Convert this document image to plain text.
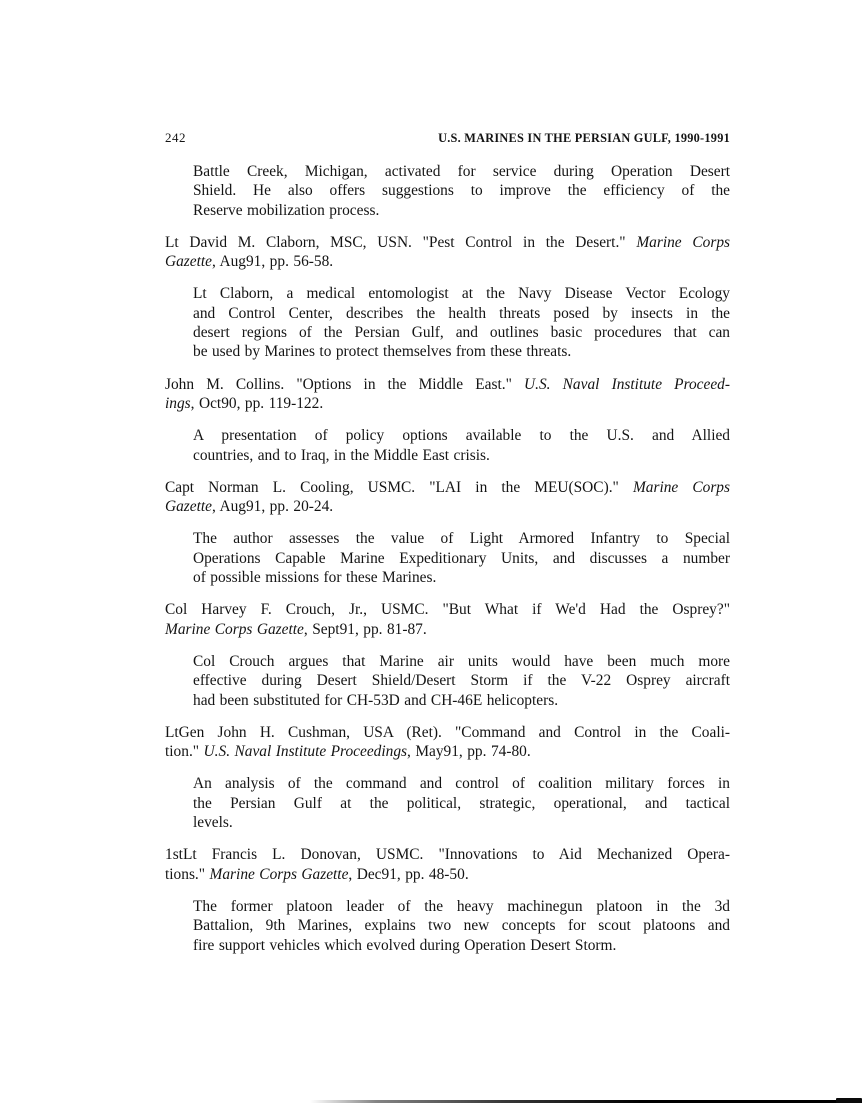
242	U.S. MARINES IN THE PERSIAN GULF, 1990-1991
Battle Creek, Michigan, activated for service during Operation Desert
Shield. He also offers suggestions to improve the efficiency of the
Reserve mobilization process.
Lt David M. Claborn, MSC, USN. "Pest Control in the Desert." Marine Corps
Gazette, Aug91, pp. 56-58.
Lt Claborn, a medical entomologist at the Navy Disease Vector Ecology
and Control Center, describes the health threats posed by insects in the
desert regions of the Persian Gulf, and outlines basic procedures that can
be used by Marines to protect themselves from these threats.
John M. Collins. "Options in the Middle East." U.S. Naval Institute Proceed-
ings, Oct90, pp. 119-122.
A presentation of policy options available to the U.S. and Allied
countries, and to Iraq, in the Middle East crisis.
Capt Norman L. Cooling, USMC. "LAI in the MEU(SOC)." Marine Corps
Gazette, Aug91, pp. 20-24.
The author assesses the value of Light Armored Infantry to Special
Operations Capable Marine Expeditionary Units, and discusses a number
of possible missions for these Marines.
Col Harvey F. Crouch, Jr., USMC. "But What if We'd Had the Osprey?"
Marine Corps Gazette, Sept91, pp. 81-87.
Col Crouch argues that Marine air units would have been much more
effective during Desert Shield/Desert Storm if the V-22 Osprey aircraft
had been substituted for CH-53D and CH-46E helicopters.
LtGen John H. Cushman, USA (Ret). "Command and Control in the Coali-
tion." U.S. Naval Institute Proceedings, May91, pp. 74-80.
An analysis of the command and control of coalition military forces in
the Persian Gulf at the political, strategic, operational, and tactical
levels.
1stLt Francis L. Donovan, USMC. "Innovations to Aid Mechanized Opera-
tions." Marine Corps Gazette, Dec91, pp. 48-50.
The former platoon leader of the heavy machinegun platoon in the 3d
Battalion, 9th Marines, explains two new concepts for scout platoons and
fire support vehicles which evolved during Operation Desert Storm.
